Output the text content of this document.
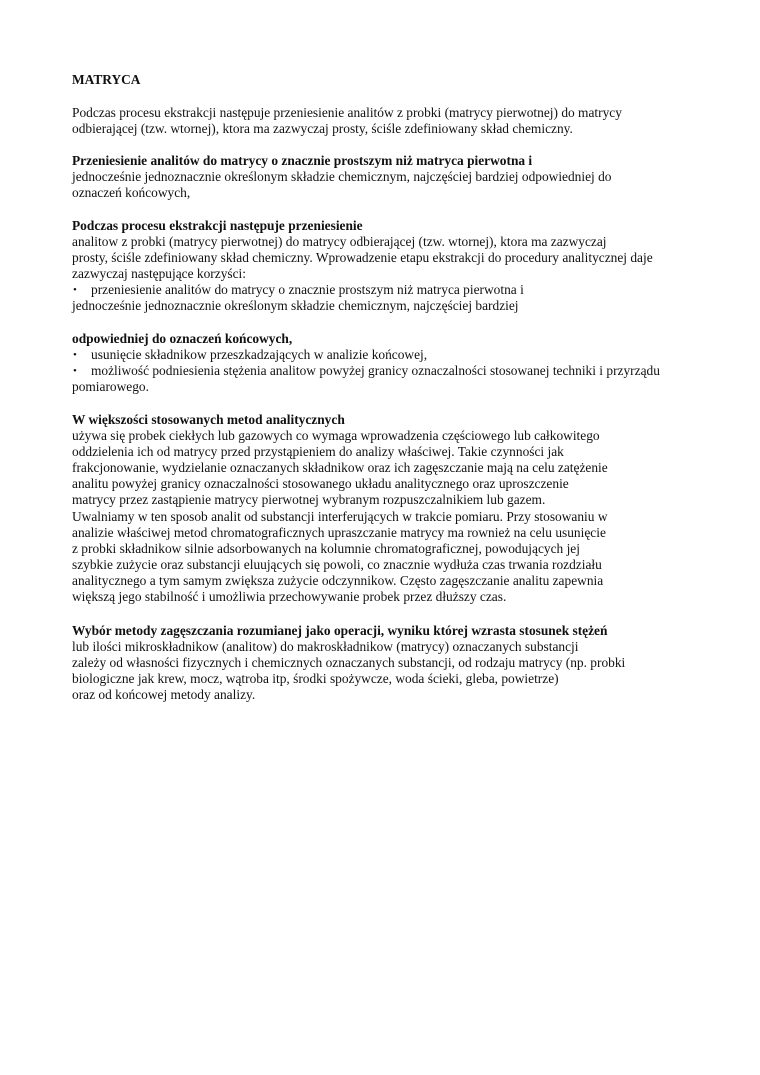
MATRYCA
Podczas procesu ekstrakcji następuje przeniesienie analitów z probki (matrycy pierwotnej) do matrycy
odbierającej (tzw. wtornej), ktora ma zazwyczaj prosty, ściśle zdefiniowany skład chemiczny.
Przeniesienie analitów do matrycy o znacznie prostszym niż matryca pierwotna i
jednocześnie jednoznacznie określonym składzie chemicznym, najczęściej bardziej odpowiedniej do
oznaczeń końcowych,
Podczas procesu ekstrakcji następuje przeniesienie
analitow z probki (matrycy pierwotnej) do matrycy odbierającej (tzw. wtornej), ktora ma zazwyczaj
prosty, ściśle zdefiniowany skład chemiczny. Wprowadzenie etapu ekstrakcji do procedury analitycznej daje
zazwyczaj następujące korzyści:
• przeniesienie analitów do matrycy o znacznie prostszym niż matryca pierwotna i
jednocześnie jednoznacznie określonym składzie chemicznym, najczęściej bardziej
odpowiedniej do oznaczeń końcowych,
• usunięcie składnikow przeszkadzających w analizie końcowej,
• możliwość podniesienia stężenia analitow powyżej granicy oznaczalności stosowanej techniki i przyrządu
pomiarowego.
W większości stosowanych metod analitycznych
używa się probek ciekłych lub gazowych co wymaga wprowadzenia częściowego lub całkowitego
oddzielenia ich od matrycy przed przystąpieniem do analizy właściwej. Takie czynności jak
frakcjonowanie, wydzielanie oznaczanych składnikow oraz ich zagęszczanie mają na celu zatężenie
analitu powyżej granicy oznaczalności stosowanego układu analitycznego oraz uproszczenie
matrycy przez zastąpienie matrycy pierwotnej wybranym rozpuszczalnikiem lub gazem.
Uwalniamy w ten sposob analit od substancji interferujących w trakcie pomiaru. Przy stosowaniu w
analizie właściwej metod chromatograficznych upraszczanie matrycy ma rownież na celu usunięcie
z probki składnikow silnie adsorbowanych na kolumnie chromatograficznej, powodujących jej
szybkie zużycie oraz substancji eluujących się powoli, co znacznie wydłuża czas trwania rozdziału
analitycznego a tym samym zwiększa zużycie odczynnikow. Często zagęszczanie analitu zapewnia
większą jego stabilność i umożliwia przechowywanie probek przez dłuższy czas.
Wybór metody zagęszczania rozumianej jako operacji, wyniku której wzrasta stosunek stężeń
lub ilości mikroskładnikow (analitow) do makroskładnikow (matrycy) oznaczanych substancji
zależy od własności fizycznych i chemicznych oznaczanych substancji, od rodzaju matrycy (np. probki
biologiczne jak krew, mocz, wątroba itp, środki spożywcze, woda ścieki, gleba, powietrze)
oraz od końcowej metody analizy.
